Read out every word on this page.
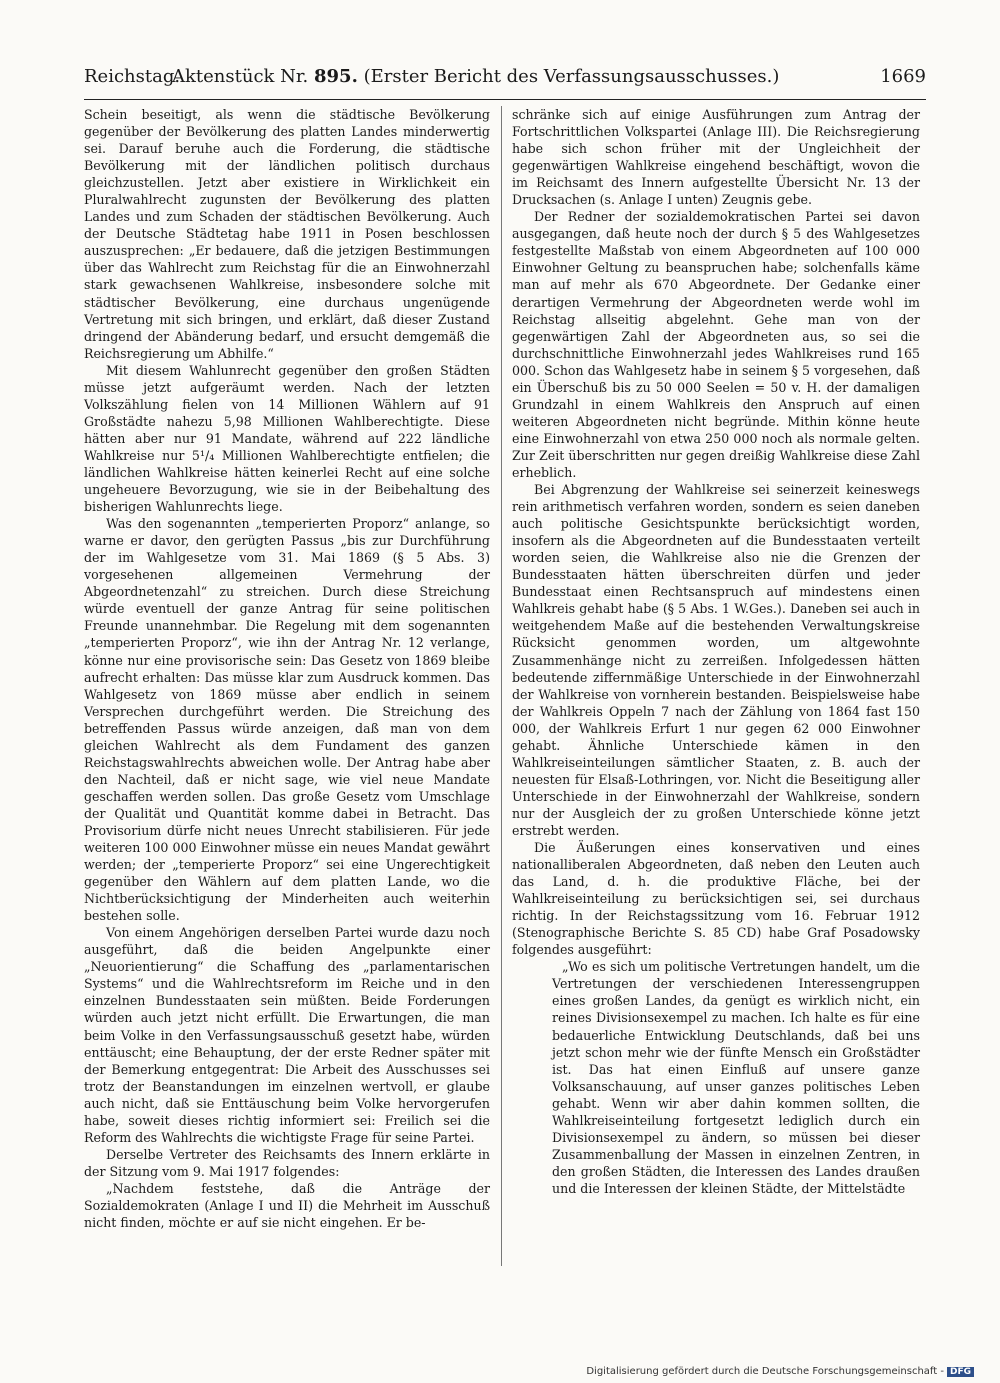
Reichstag.
Aktenstück Nr. 895. (Erster Bericht des Verfassungsausschusses.)	1669

Schein beseitigt, als wenn die städtische Bevölkerung gegenüber der Bevölkerung des platten Landes minderwertig sei. Darauf beruhe auch die Forderung, die städtische Bevölkerung mit der ländlichen politisch durchaus gleichzustellen. Jetzt aber existiere in Wirklichkeit ein Pluralwahlrecht zugunsten der Bevölkerung des platten Landes und zum Schaden der städtischen Bevölkerung. Auch der Deutsche Städtetag habe 1911 in Posen beschlossen auszusprechen: „Er bedauere, daß die jetzigen Bestimmungen über das Wahlrecht zum Reichstag für die an Einwohnerzahl stark gewachsenen Wahlkreise, insbesondere solche mit städtischer Bevölkerung, eine durchaus ungenügende Vertretung mit sich bringen, und erklärt, daß dieser Zustand dringend der Abänderung bedarf, und ersucht demgemäß die Reichsregierung um Abhilfe.“

Mit diesem Wahlunrecht gegenüber den großen Städten müsse jetzt aufgeräumt werden. Nach der letzten Volkszählung fielen von 14 Millionen Wählern auf 91 Großstädte nahezu 5,98 Millionen Wahlberechtigte. Diese hätten aber nur 91 Mandate, während auf 222 ländliche Wahlkreise nur 5¹/₄ Millionen Wahlberechtigte entfielen; die ländlichen Wahlkreise hätten keinerlei Recht auf eine solche ungeheuere Bevorzugung, wie sie in der Beibehaltung des bisherigen Wahlunrechts liege.

Was den sogenannten „temperierten Proporz“ anlange, so warne er davor, den gerügten Passus „bis zur Durchführung der im Wahlgesetze vom 31. Mai 1869 (§ 5 Abs. 3) vorgesehenen allgemeinen Vermehrung der Abgeordnetenzahl“ zu streichen. Durch diese Streichung würde eventuell der ganze Antrag für seine politischen Freunde unannehmbar. Die Regelung mit dem sogenannten „temperierten Proporz“, wie ihn der Antrag Nr. 12 verlange, könne nur eine provisorische sein: Das Gesetz von 1869 bleibe aufrecht erhalten: Das müsse klar zum Ausdruck kommen. Das Wahlgesetz von 1869 müsse aber endlich in seinem Versprechen durchgeführt werden. Die Streichung des betreffenden Passus würde anzeigen, daß man von dem gleichen Wahlrecht als dem Fundament des ganzen Reichstagswahlrechts abweichen wolle. Der Antrag habe aber den Nachteil, daß er nicht sage, wie viel neue Mandate geschaffen werden sollen. Das große Gesetz vom Umschlage der Qualität und Quantität komme dabei in Betracht. Das Provisorium dürfe nicht neues Unrecht stabilisieren. Für jede weiteren 100 000 Einwohner müsse ein neues Mandat gewährt werden; der „temperierte Proporz“ sei eine Ungerechtigkeit gegenüber den Wählern auf dem platten Lande, wo die Nichtberücksichtigung der Minderheiten auch weiterhin bestehen solle.

Von einem Angehörigen derselben Partei wurde dazu noch ausgeführt, daß die beiden Angelpunkte einer „Neuorientierung“ die Schaffung des „parlamentarischen Systems“ und die Wahlrechtsreform im Reiche und in den einzelnen Bundesstaaten sein müßten. Beide Forderungen würden auch jetzt nicht erfüllt. Die Erwartungen, die man beim Volke in den Verfassungsausschuß gesetzt habe, würden enttäuscht; eine Behauptung, der der erste Redner später mit der Bemerkung entgegentrat: Die Arbeit des Ausschusses sei trotz der Beanstandungen im einzelnen wertvoll, er glaube auch nicht, daß sie Enttäuschung beim Volke hervorgerufen habe, soweit dieses richtig informiert sei: Freilich sei die Reform des Wahlrechts die wichtigste Frage für seine Partei.

Derselbe Vertreter des Reichsamts des Innern erklärte in der Sitzung vom 9. Mai 1917 folgendes:

„Nachdem feststehe, daß die Anträge der Sozialdemokraten (Anlage I und II) die Mehrheit im Ausschuß nicht finden, möchte er auf sie nicht eingehen. Er be-

schränke sich auf einige Ausführungen zum Antrag der Fortschrittlichen Volkspartei (Anlage III). Die Reichsregierung habe sich schon früher mit der Ungleichheit der gegenwärtigen Wahlkreise eingehend beschäftigt, wovon die im Reichsamt des Innern aufgestellte Übersicht Nr. 13 der Drucksachen (s. Anlage I unten) Zeugnis gebe.

Der Redner der sozialdemokratischen Partei sei davon ausgegangen, daß heute noch der durch § 5 des Wahlgesetzes festgestellte Maßstab von einem Abgeordneten auf 100 000 Einwohner Geltung zu beanspruchen habe; solchenfalls käme man auf mehr als 670 Abgeordnete. Der Gedanke einer derartigen Vermehrung der Abgeordneten werde wohl im Reichstag allseitig abgelehnt. Gehe man von der gegenwärtigen Zahl der Abgeordneten aus, so sei die durchschnittliche Einwohnerzahl jedes Wahlkreises rund 165 000. Schon das Wahlgesetz habe in seinem § 5 vorgesehen, daß ein Überschuß bis zu 50 000 Seelen = 50 v. H. der damaligen Grundzahl in einem Wahlkreis den Anspruch auf einen weiteren Abgeordneten nicht begründe. Mithin könne heute eine Einwohnerzahl von etwa 250 000 noch als normale gelten. Zur Zeit überschritten nur gegen dreißig Wahlkreise diese Zahl erheblich.

Bei Abgrenzung der Wahlkreise sei seinerzeit keineswegs rein arithmetisch verfahren worden, sondern es seien daneben auch politische Gesichtspunkte berücksichtigt worden, insofern als die Abgeordneten auf die Bundesstaaten verteilt worden seien, die Wahlkreise also nie die Grenzen der Bundesstaaten hätten überschreiten dürfen und jeder Bundesstaat einen Rechtsanspruch auf mindestens einen Wahlkreis gehabt habe (§ 5 Abs. 1 W.Ges.). Daneben sei auch in weitgehendem Maße auf die bestehenden Verwaltungskreise Rücksicht genommen worden, um altgewohnte Zusammenhänge nicht zu zerreißen. Infolgedessen hätten bedeutende ziffernmäßige Unterschiede in der Einwohnerzahl der Wahlkreise von vornherein bestanden. Beispielsweise habe der Wahlkreis Oppeln 7 nach der Zählung von 1864 fast 150 000, der Wahlkreis Erfurt 1 nur gegen 62 000 Einwohner gehabt. Ähnliche Unterschiede kämen in den Wahlkreiseinteilungen sämtlicher Staaten, z. B. auch der neuesten für Elsaß-Lothringen, vor. Nicht die Beseitigung aller Unterschiede in der Einwohnerzahl der Wahlkreise, sondern nur der Ausgleich der zu großen Unterschiede könne jetzt erstrebt werden.

Die Äußerungen eines konservativen und eines nationalliberalen Abgeordneten, daß neben den Leuten auch das Land, d. h. die produktive Fläche, bei der Wahlkreiseinteilung zu berücksichtigen sei, sei durchaus richtig. In der Reichstagssitzung vom 16. Februar 1912 (Stenographische Berichte S. 85 CD) habe Graf Posadowsky folgendes ausgeführt:

„Wo es sich um politische Vertretungen handelt, um die Vertretungen der verschiedenen Interessengruppen eines großen Landes, da genügt es wirklich nicht, ein reines Divisionsexempel zu machen. Ich halte es für eine bedauerliche Entwicklung Deutschlands, daß bei uns jetzt schon mehr wie der fünfte Mensch ein Großstädter ist. Das hat einen Einfluß auf unsere ganze Volksanschauung, auf unser ganzes politisches Leben gehabt. Wenn wir aber dahin kommen sollten, die Wahlkreiseinteilung fortgesetzt lediglich durch ein Divisionsexempel zu ändern, so müssen bei dieser Zusammenballung der Massen in einzelnen Zentren, in den großen Städten, die Interessen des Landes draußen und die Interessen der kleinen Städte, der Mittelstädte

Digitalisierung gefördert durch die Deutsche Forschungsgemeinschaft - DFG
